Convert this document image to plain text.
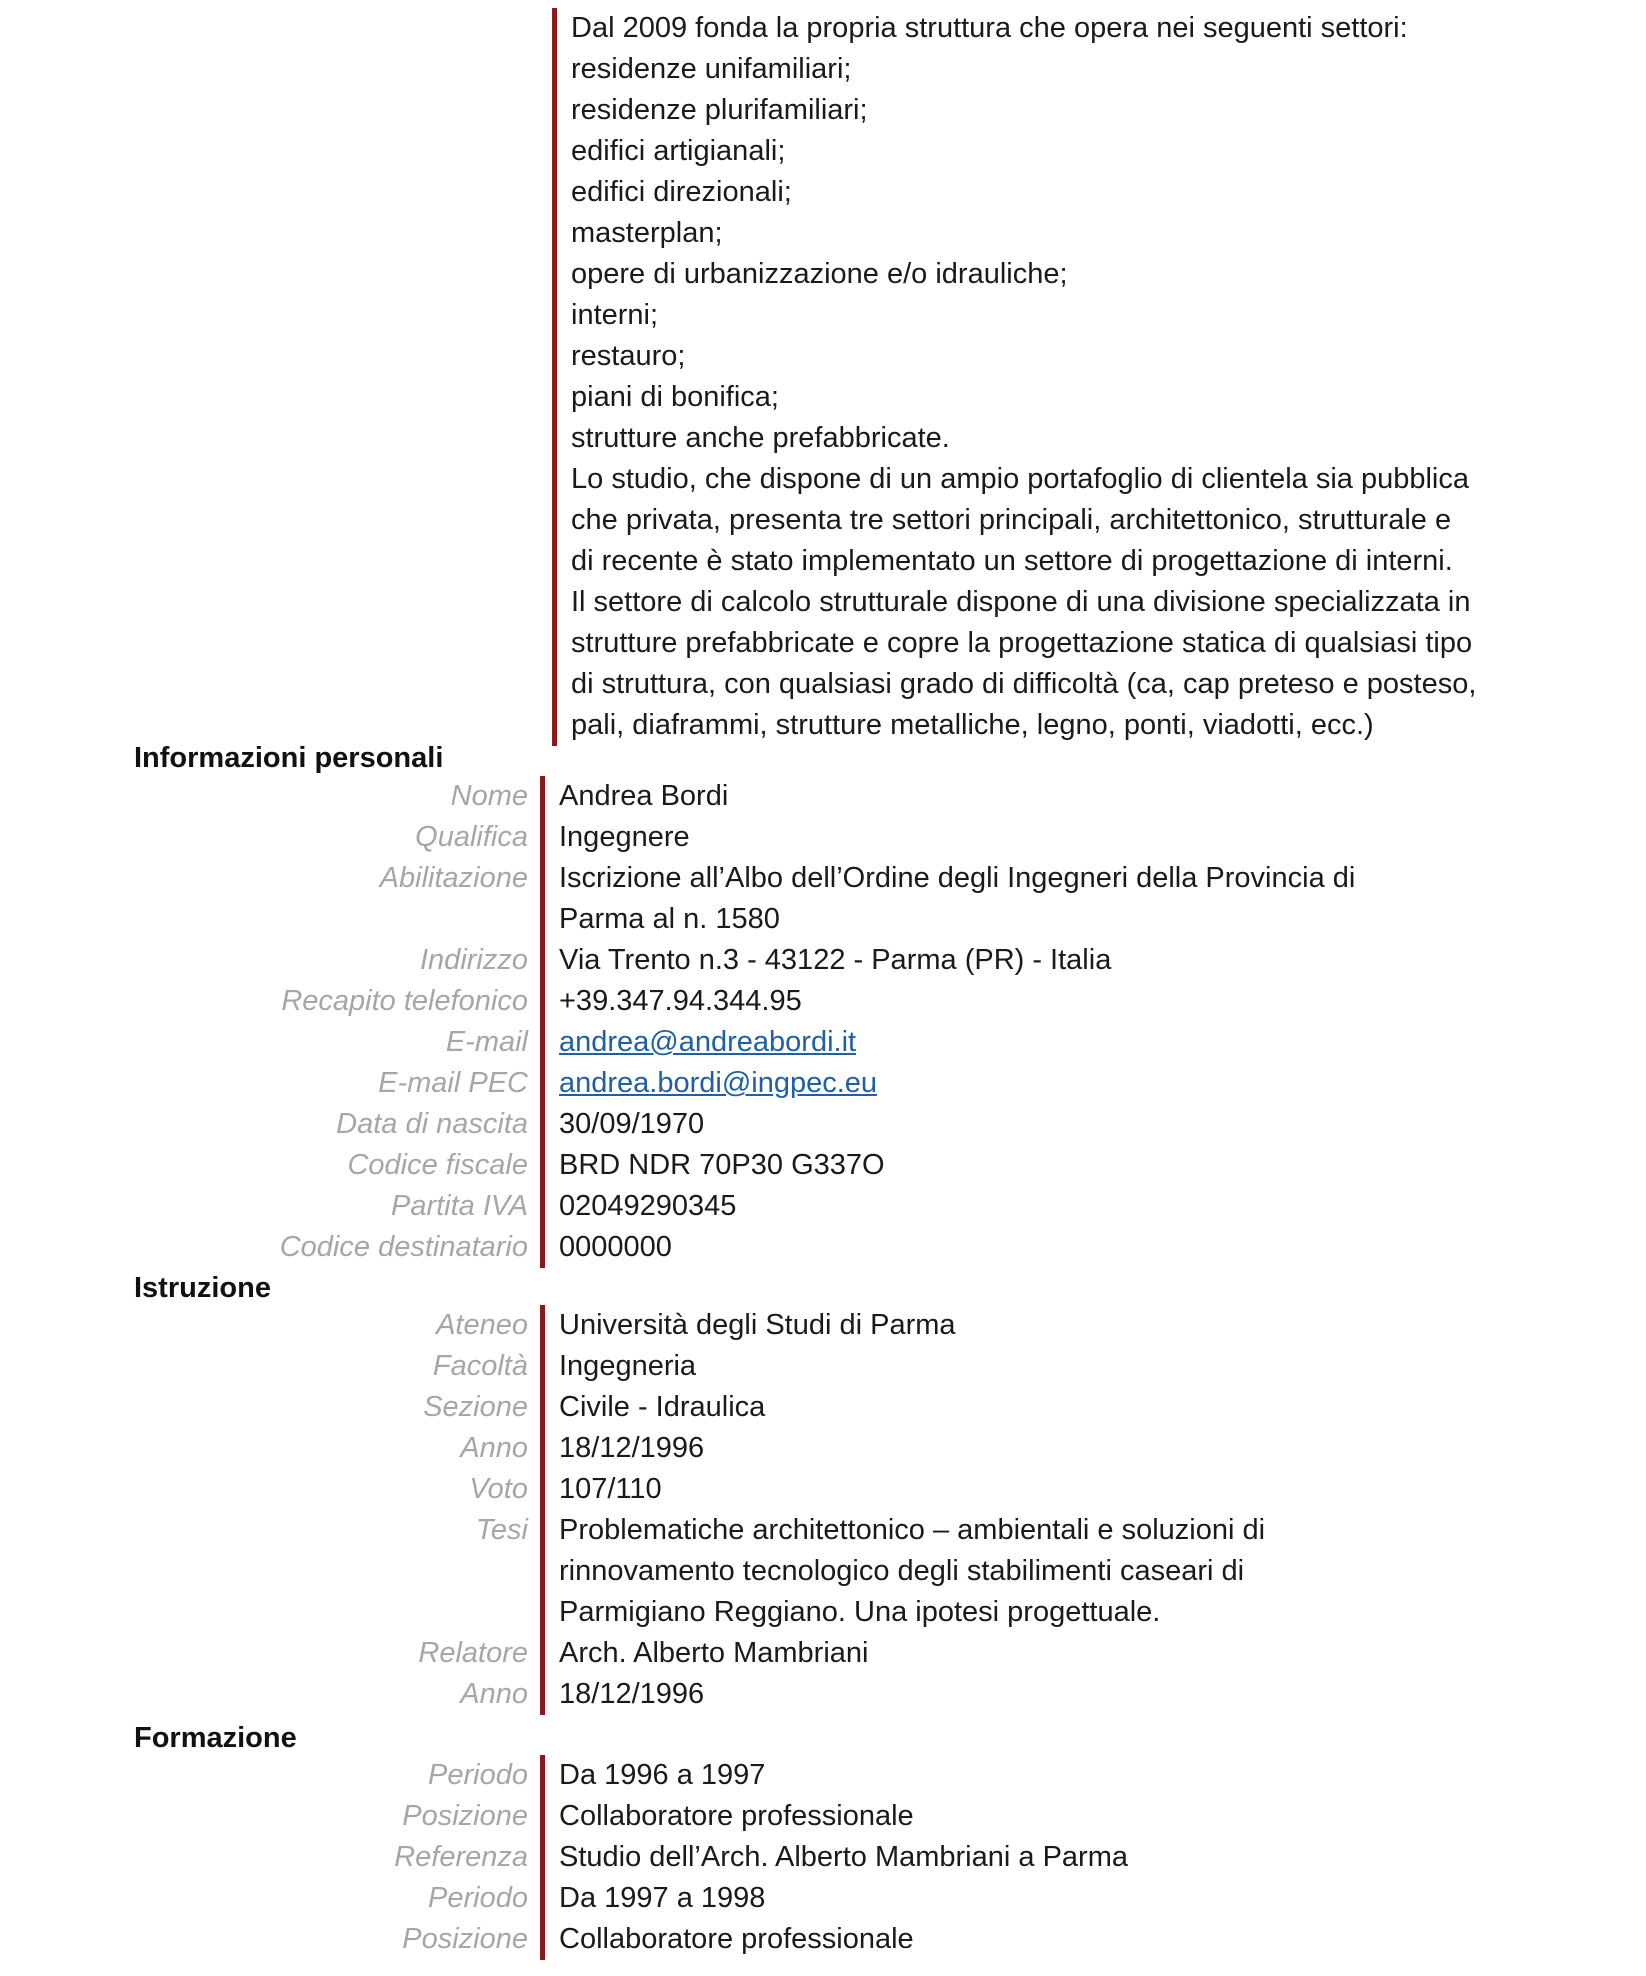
Dal 2009 fonda la propria struttura che opera nei seguenti settori:
residenze unifamiliari;
residenze plurifamiliari;
edifici artigianali;
edifici direzionali;
masterplan;
opere di urbanizzazione e/o idrauliche;
interni;
restauro;
piani di bonifica;
strutture anche prefabbricate.
Lo studio, che dispone di un ampio portafoglio di clientela sia pubblica
che privata, presenta tre settori principali, architettonico, strutturale e
di recente è stato implementato un settore di progettazione di interni.
Il settore di calcolo strutturale dispone di una divisione specializzata in
strutture prefabbricate e copre la progettazione statica di qualsiasi tipo
di struttura, con qualsiasi grado di difficoltà (ca, cap preteso e posteso,
pali, diaframmi, strutture metalliche, legno, ponti, viadotti, ecc.)
Informazioni personali
Nome	Andrea Bordi
Qualifica	Ingegnere
Abilitazione	Iscrizione all’Albo dell’Ordine degli Ingegneri della Provincia di
Parma al n. 1580
Indirizzo	Via Trento n.3 - 43122 - Parma (PR) - Italia
Recapito telefonico	+39.347.94.344.95
E-mail	andrea@andreabordi.it
E-mail PEC	andrea.bordi@ingpec.eu
Data di nascita	30/09/1970
Codice fiscale	BRD NDR 70P30 G337O
Partita IVA	02049290345
Codice destinatario	0000000
Istruzione
Ateneo	Università degli Studi di Parma
Facoltà	Ingegneria
Sezione	Civile - Idraulica
Anno	18/12/1996
Voto	107/110
Tesi	Problematiche architettonico – ambientali e soluzioni di
rinnovamento tecnologico degli stabilimenti caseari di
Parmigiano Reggiano. Una ipotesi progettuale.
Relatore	Arch. Alberto Mambriani
Anno	18/12/1996
Formazione
Periodo	Da 1996 a 1997
Posizione	Collaboratore professionale
Referenza	Studio dell’Arch. Alberto Mambriani a Parma
Periodo	Da 1997 a 1998
Posizione	Collaboratore professionale
